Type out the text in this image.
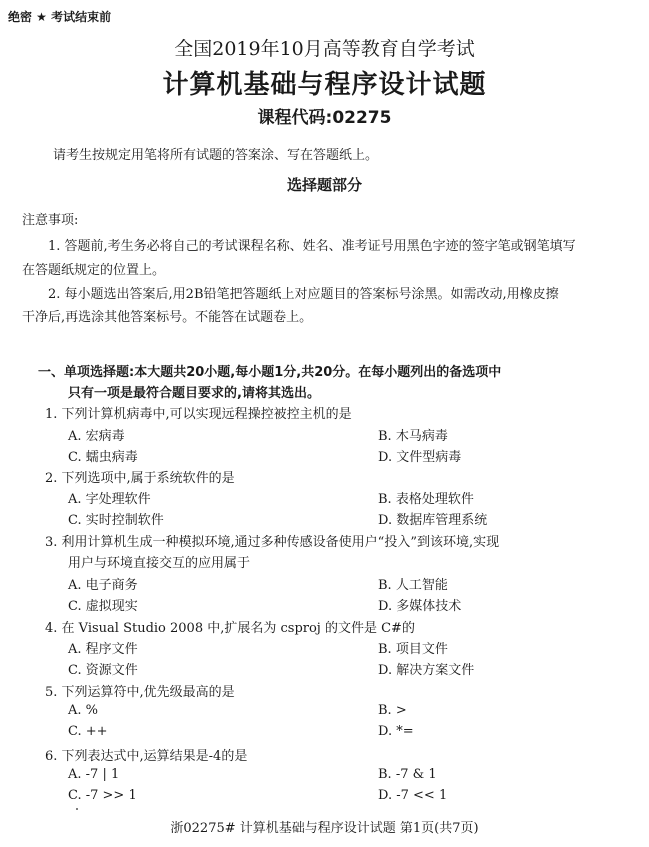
绝密 ★ 考试结束前
全国2019年10月高等教育自学考试
计算机基础与程序设计试题
课程代码:02275
请考生按规定用笔将所有试题的答案涂、写在答题纸上。
选择题部分
注意事项:
1. 答题前,考生务必将自己的考试课程名称、姓名、准考证号用黑色字迹的签字笔或钢笔填写
在答题纸规定的位置上。
2. 每小题选出答案后,用2B铅笔把答题纸上对应题目的答案标号涂黑。如需改动,用橡皮擦
干净后,再选涂其他答案标号。不能答在试题卷上。
一、单项选择题:本大题共20小题,每小题1分,共20分。在每小题列出的备选项中
只有一项是最符合题目要求的,请将其选出。
1. 下列计算机病毒中,可以实现远程操控被控主机的是
A. 宏病毒	B. 木马病毒
C. 蠕虫病毒	D. 文件型病毒
2. 下列选项中,属于系统软件的是
A. 字处理软件	B. 表格处理软件
C. 实时控制软件	D. 数据库管理系统
3. 利用计算机生成一种模拟环境,通过多种传感设备使用户“投入”到该环境,实现
用户与环境直接交互的应用属于
A. 电子商务	B. 人工智能
C. 虚拟现实	D. 多媒体技术
4. 在 Visual Studio 2008 中,扩展名为 csproj 的文件是 C#的
A. 程序文件	B. 项目文件
C. 资源文件	D. 解决方案文件
5. 下列运算符中,优先级最高的是
A. %	B. >
C. ++	D. *=
6. 下列表达式中,运算结果是-4的是
A. -7 | 1	B. -7 & 1
C. -7 >> 1	D. -7 << 1
浙02275# 计算机基础与程序设计试题 第1页(共7页)
